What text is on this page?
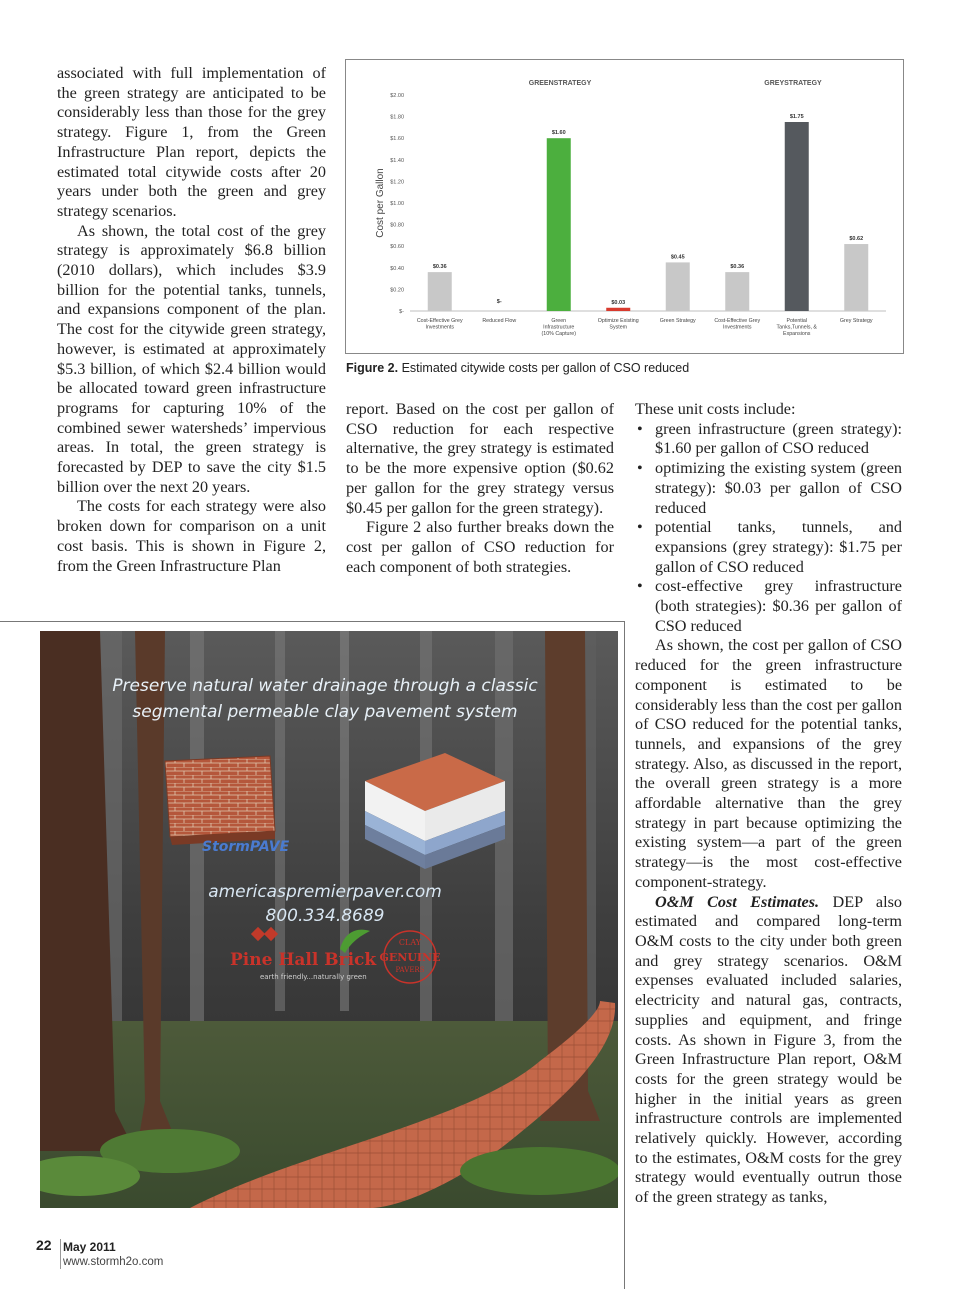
associated with full implementation of the green strategy are anticipated to be considerably less than those for the grey strategy. Figure 1, from the Green Infrastructure Plan report, depicts the estimated total citywide costs after 20 years under both the green and grey strategy scenarios.

As shown, the total cost of the grey strategy is approximately $6.8 billion (2010 dollars), which includes $3.9 billion for the potential tanks, tunnels, and expansions component of the plan. The cost for the citywide green strategy, however, is estimated at approximately $5.3 billion, of which $2.4 billion would be allocated toward green infrastructure programs for capturing 10% of the combined sewer watersheds’ impervious areas. In total, the green strategy is forecasted by DEP to save the city $1.5 billion over the next 20 years.

The costs for each strategy were also broken down for comparison on a unit cost basis. This is shown in Figure 2, from the Green Infrastructure Plan

Cost per Gallon
$-
$0.20
$0.40
$0.60
$0.80
$1.00
$1.20
$1.40
$1.60
$1.80
$2.00
GREENSTRATEGY	GREYSTRATEGY
$0.36
Cost-Effective Grey
Investments
$-
Reduced Flow
$1.60
Green
Infrastructure
(10% Capture)
$0.03
Optimize Existing
System
$0.45
Green Strategy
$0.36
Cost-Effective Grey
Investments
$1.75
Potential
Tanks,Tunnels, &
Expansions
$0.62
Grey Strategy
Figure 2. Estimated citywide costs per gallon of CSO reduced

report. Based on the cost per gallon of CSO reduction for each respective alternative, the grey strategy is estimated to be the more expensive option ($0.62 per gallon for the grey strategy versus $0.45 per gallon for the green strategy).

Figure 2 also further breaks down the cost per gallon of CSO reduction for each component of both strategies.

These unit costs include:

• green infrastructure (green strategy): $1.60 per gallon of CSO reduced
• optimizing the existing system (green strategy): $0.03 per gallon of CSO reduced
• potential tanks, tunnels, and expansions (grey strategy): $1.75 per gallon of CSO reduced
• cost-effective grey infrastructure (both strategies): $0.36 per gallon of CSO reduced

As shown, the cost per gallon of CSO reduced for the green infrastructure component is estimated to be considerably less than the cost per gallon of CSO reduced for the potential tanks, tunnels, and expansions of the grey strategy. Also, as discussed in the report, the overall green strategy is a more affordable alternative than the grey strategy in part because optimizing the existing system—a part of the green strategy—is the most cost-effective component-strategy.

O&M Cost Estimates. DEP also estimated and compared long-term O&M costs to the city under both green and grey strategy scenarios. O&M expenses evaluated included salaries, electricity and natural gas, contracts, supplies and equipment, and fringe costs. As shown in Figure 3, from the Green Infrastructure Plan report, O&M costs for the green strategy would be higher in the initial years as green infrastructure controls are implemented relatively quickly. However, according to the estimates, O&M costs for the grey strategy would eventually outrun those of the green strategy as tanks,

Preserve natural water drainage through a classic
segmental permeable clay pavement system
StormPAVE
americaspremierpaver.com
800.334.8689
Pine Hall Brick
earth friendly...naturally green
CLAY
GENUINE
PAVERS
22 May 2011
www.stormh2o.com
